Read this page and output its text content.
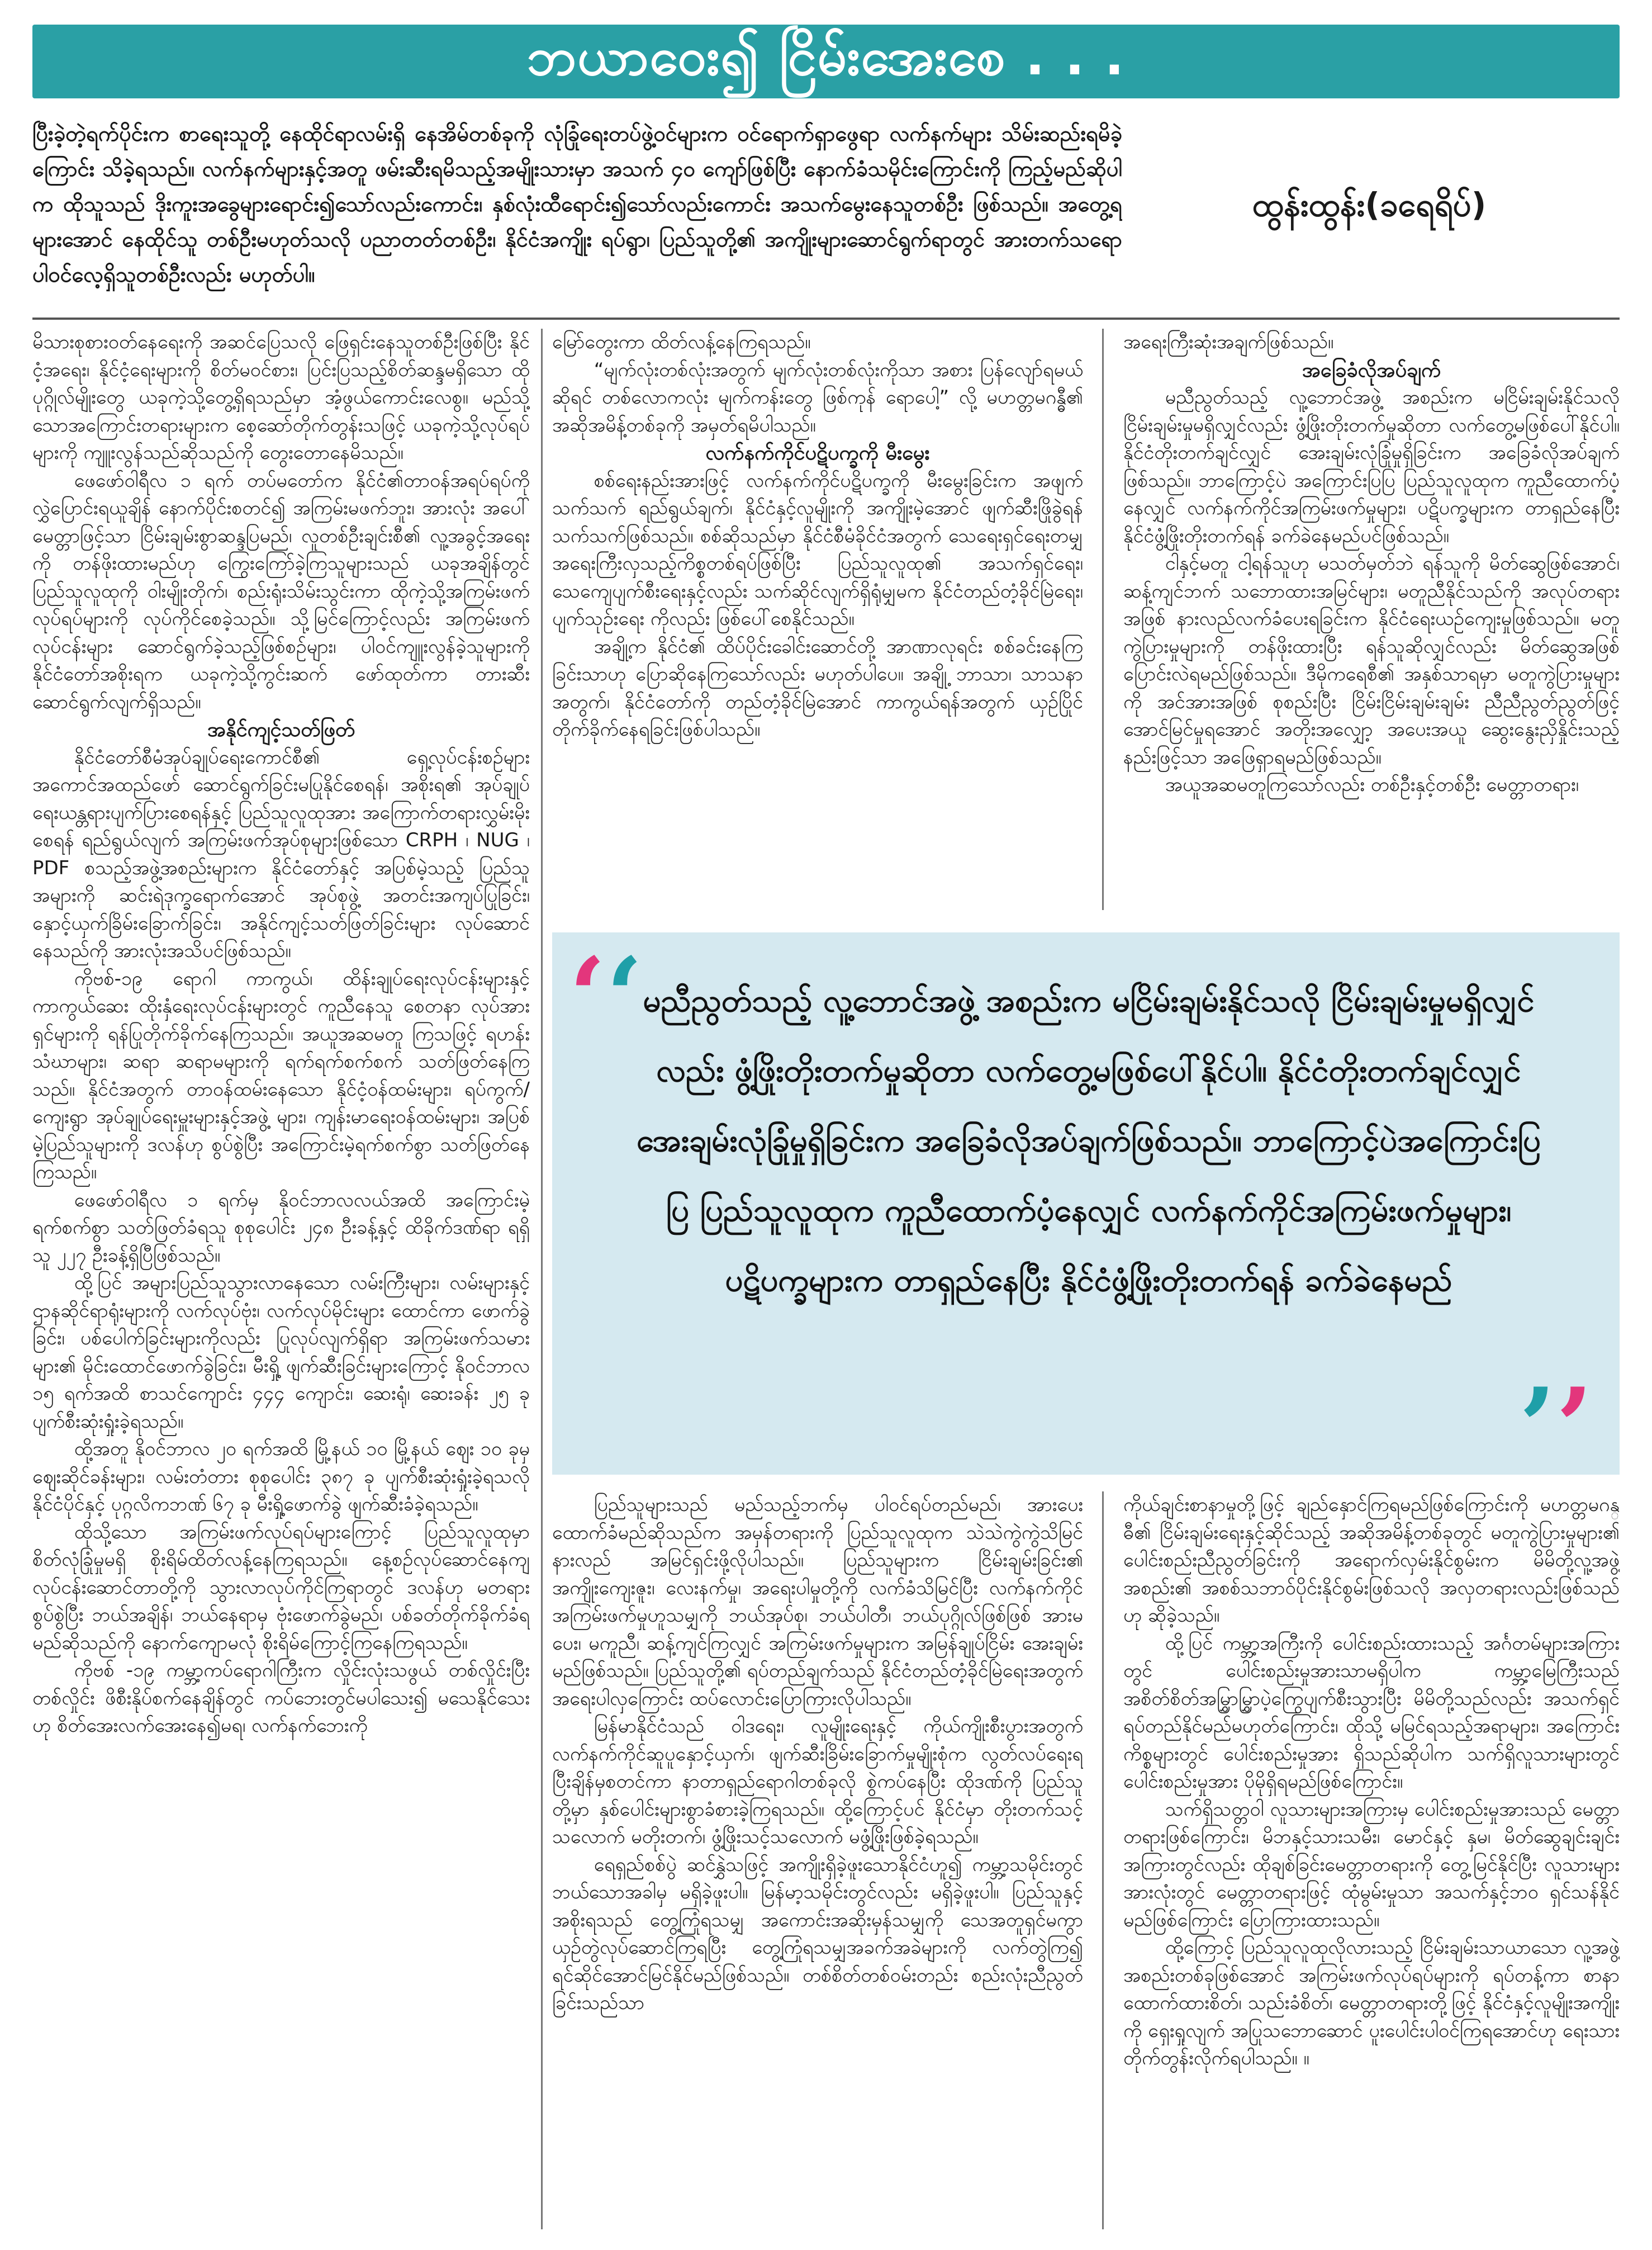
ဘယာဝေး၍ ငြိမ်းအေးစေ . . .
ပြီးခဲ့တဲ့ရက်ပိုင်းက စာရေးသူတို့ နေထိုင်ရာလမ်းရှိ နေအိမ်တစ်ခုကို လုံခြုံရေးတပ်ဖွဲ့ဝင်များက ဝင်ရောက်ရှာဖွေရာ လက်နက်များ သိမ်းဆည်းရမိခဲ့ကြောင်း သိခဲ့ရသည်။ လက်နက်များနှင့်အတူ ဖမ်းဆီးရမိသည့်အမျိုးသားမှာ အသက် ၄၀ ကျော်ဖြစ်ပြီး နောက်ခံသမိုင်းကြောင်းကို ကြည့်မည်ဆိုပါက ထိုသူသည် ဒိုးကူးအခွေများရောင်း၍သော်လည်းကောင်း၊ နှစ်လုံးထီရောင်း၍သော်လည်းကောင်း အသက်မွေးနေသူတစ်ဦး ဖြစ်သည်။ အတွေ့ရများအောင် နေထိုင်သူ တစ်ဦးမဟုတ်သလို ပညာတတ်တစ်ဦး၊ နိုင်ငံအကျိုး ရပ်ရွာ၊ ပြည်သူတို့၏ အကျိုးများဆောင်ရွက်ရာတွင် အားတက်သရော ပါဝင်လေ့ရှိသူတစ်ဦးလည်း မဟုတ်ပါ။
ထွန်းထွန်း(ခရေရိပ်)

မိသားစုစားဝတ်နေရေးကို အဆင်ပြေသလို ဖြေရှင်းနေသူတစ်ဦးဖြစ်ပြီး နိုင်ငံ့အရေး၊ နိုင်ငံ့ရေးများကို စိတ်မဝင်စား၊ ပြင်းပြသည့်စိတ်ဆန္ဒမရှိသော ထိုပုဂ္ဂိုလ်မျိုးတွေ ယခုကဲ့သို့တွေ့ရှိရသည်မှာ အံ့ဖွယ်ကောင်းလေစွ။ မည်သို့သောအကြောင်းတရားများက စေ့ဆော်တိုက်တွန်းသဖြင့် ယခုကဲ့သို့လုပ်ရပ်များကို ကျူးလွန်သည်ဆိုသည်ကို တွေးတောနေမိသည်။

ဖေဖော်ဝါရီလ ၁ ရက် တပ်မတော်က နိုင်ငံ၏တာဝန်အရပ်ရပ်ကို လွှဲပြောင်းရယူချိန် နောက်ပိုင်းစတင်၍ အကြမ်းမဖက်ဘူး၊ အားလုံး အပေါ်မေတ္တာဖြင့်သာ ငြိမ်းချမ်းစွာဆန္ဒပြမည်၊ လူတစ်ဦးချင်းစီ၏ လူ့အခွင့်အရေးကို တန်ဖိုးထားမည်ဟု ကြွေးကြော်ခဲ့ကြသူများသည် ယခုအချိန်တွင် ပြည်သူလူထုကို ဝါးမျိုးတိုက်၊ စည်းရုံးသိမ်းသွင်းကာ ထိုကဲ့သို့အကြမ်းဖက်လုပ်ရပ်များကို လုပ်ကိုင်စေခဲ့သည်။ သို့မြင်ကြောင့်လည်း အကြမ်းဖက်လုပ်ငန်းများ ဆောင်ရွက်ခဲ့သည့်ဖြစ်စဉ်များ၊ ပါဝင်ကျူးလွန်ခဲ့သူများကို နိုင်ငံတော်အစိုးရက ယခုကဲ့သို့ကွင်းဆက် ဖော်ထုတ်ကာ တားဆီးဆောင်ရွက်လျက်ရှိသည်။

အနိုင်ကျင့်သတ်ဖြတ်

နိုင်ငံတော်စီမံအုပ်ချုပ်ရေးကောင်စီ၏ ရှေ့လုပ်ငန်းစဉ်များ အကောင်အထည်ဖော် ဆောင်ရွက်ခြင်းမပြုနိုင်စေရန်၊ အစိုးရ၏ အုပ်ချုပ်ရေးယန္တရားပျက်ပြားစေရန်နှင့် ပြည်သူလူထုအား အကြောက်တရားလွှမ်းမိုးစေရန် ရည်ရွယ်လျက် အကြမ်းဖက်အုပ်စုများဖြစ်သော CRPH ၊ NUG ၊ PDF စသည့်အဖွဲ့အစည်းများက နိုင်ငံတော်နှင့် အပြစ်မဲ့သည့် ပြည်သူအများကို ဆင်းရဲဒုက္ခရောက်အောင် အုပ်စုဖွဲ့ အတင်းအကျပ်ပြုခြင်း၊ နှောင့်ယှက်ခြိမ်းခြောက်ခြင်း၊ အနိုင်ကျင့်သတ်ဖြတ်ခြင်းများ လုပ်ဆောင်နေသည်ကို အားလုံးအသိပင်ဖြစ်သည်။

ကိုဗစ်-၁၉ ရောဂါ ကာကွယ်၊ ထိန်းချုပ်ရေးလုပ်ငန်းများနှင့် ကာကွယ်ဆေး ထိုးနှံရေးလုပ်ငန်းများတွင် ကူညီနေသူ စေတနာ လုပ်အားရှင်များကို ရန်ပြုတိုက်ခိုက်နေကြသည်။ အယူအဆမတူ ကြသဖြင့် ရဟန်း သံဃာများ၊ ဆရာ ဆရာမများကို ရက်ရက်စက်စက် သတ်ဖြတ်နေကြသည်။ နိုင်ငံအတွက် တာဝန်ထမ်းနေသော နိုင်ငံ့ဝန်ထမ်းများ၊ ရပ်ကွက်/ကျေးရွာ အုပ်ချုပ်ရေးမှူးများနှင့်အဖွဲ့ များ၊ ကျန်းမာရေးဝန်ထမ်းများ၊ အပြစ်မဲ့ပြည်သူများကို ဒလန်ဟု စွပ်စွဲပြီး အကြောင်းမဲ့ရက်စက်စွာ သတ်ဖြတ်နေကြသည်။

ဖေဖော်ဝါရီလ ၁ ရက်မှ နိုဝင်ဘာလလယ်အထိ အကြောင်းမဲ့ ရက်စက်စွာ သတ်ဖြတ်ခံရသူ စုစုပေါင်း ၂၄၈ ဦးခန့်နှင့် ထိခိုက်ဒဏ်ရာ ရရှိသူ ၂၂၇ ဦးခန့်ရှိပြီဖြစ်သည်။

ထို့ပြင် အများပြည်သူသွားလာနေသော လမ်းကြီးများ၊ လမ်းများနှင့် ဌာနဆိုင်ရာရုံးများကို လက်လုပ်ဗုံး၊ လက်လုပ်မိုင်းများ ထောင်ကာ ဖောက်ခွဲခြင်း၊ ပစ်ပေါက်ခြင်းများကိုလည်း ပြုလုပ်လျက်ရှိရာ အကြမ်းဖက်သမားများ၏ မိုင်းထောင်ဖောက်ခွဲခြင်း၊ မီးရှို့ ဖျက်ဆီးခြင်းများကြောင့် နိုဝင်ဘာလ ၁၅ ရက်အထိ စာသင်ကျောင်း ၄၄၄ ကျောင်း၊ ဆေးရုံ၊ ဆေးခန်း ၂၅ ခု ပျက်စီးဆုံးရှုံးခဲ့ရသည်။

ထို့အတူ နိုဝင်ဘာလ ၂၀ ရက်အထိ မြို့နယ် ၁၀ မြို့နယ် ဈေး ၁၀ ခုမှ ဈေးဆိုင်ခန်းများ၊ လမ်းတံတား စုစုပေါင်း ၃၈၇ ခု ပျက်စီးဆုံးရှုံးခဲ့ရသလို နိုင်ငံပိုင်နှင့် ပုဂ္ဂလိကဘဏ် ၆၇ ခု မီးရှို့ဖောက်ခွဲ ဖျက်ဆီးခံခဲ့ရသည်။

ထိုသို့သော အကြမ်းဖက်လုပ်ရပ်များကြောင့် ပြည်သူလူထုမှာ စိတ်လုံခြုံမှုမရှိ စိုးရိမ်ထိတ်လန့်နေကြရသည်။ နေ့စဉ်လုပ်ဆောင်နေကျ လုပ်ငန်းဆောင်တာတို့ကို သွားလာလုပ်ကိုင်ကြရာတွင် ဒလန်ဟု မတရားစွပ်စွဲပြီး ဘယ်အချိန်၊ ဘယ်နေရာမှ ဗုံးဖောက်ခွဲမည်၊ ပစ်ခတ်တိုက်ခိုက်ခံရမည်ဆိုသည်ကို နောက်ကျောမလုံ စိုးရိမ်ကြောင့်ကြနေကြရသည်။

ကိုဗစ် -၁၉ ကမ္ဘာ့ကပ်ရောဂါကြီးက လှိုင်းလုံးသဖွယ် တစ်လှိုင်းပြီးတစ်လှိုင်း ဖိစီးနိုပ်စက်နေချိန်တွင် ကပ်ဘေးတွင်မပါသေး၍ မသေနိုင်သေးဟု စိတ်အေးလက်အေးနေ၍မရ၊ လက်နက်ဘေးကို

မြော်တွေးကာ ထိတ်လန့်နေကြရသည်။

“မျက်လုံးတစ်လုံးအတွက် မျက်လုံးတစ်လုံးကိုသာ အစား ပြန်လျော်ရမယ်ဆိုရင် တစ်လောကလုံး မျက်ကန်းတွေ ဖြစ်ကုန် ရောပေါ့” လို့ မဟတ္တမဂန္ဓီ၏ အဆိုအမိန့်တစ်ခုကို အမှတ်ရမိပါသည်။

လက်နက်ကိုင်ပဋိပက္ခကို မီးမွေး

စစ်ရေးနည်းအားဖြင့် လက်နက်ကိုင်ပဋိပက္ခကို မီးမွေးခြင်းက အဖျက်သက်သက် ရည်ရွယ်ချက်၊ နိုင်ငံနှင့်လူမျိုးကို အကျိုးမဲ့အောင် ဖျက်ဆီးဖြိုခွဲရန်သက်သက်ဖြစ်သည်။ စစ်ဆိုသည်မှာ နိုင်ငံစီမံခိုင်ငံအတွက် သေရေးရှင်ရေးတမျှ အရေးကြီးလှသည့်ကိစ္စတစ်ရပ်ဖြစ်ပြီး ပြည်သူလူထု၏ အသက်ရှင်ရေး၊ သေကျေပျက်စီးရေးနှင့်လည်း သက်ဆိုင်လျက်ရှိရုံမျှမက နိုင်ငံတည်တံ့ခိုင်မြဲရေး၊ ပျက်သုဉ်းရေး ကိုလည်း ဖြစ်ပေါ်စေနိုင်သည်။

အချို့က နိုင်ငံ၏ ထိပ်ပိုင်းခေါင်းဆောင်တို့ အာဏာလုရင်း စစ်ခင်းနေကြခြင်းသာဟု ပြောဆိုနေကြသော်လည်း မဟုတ်ပါပေ။ အချို့ ဘာသာ၊ သာသနာအတွက်၊ နိုင်ငံတော်ကို တည်တံ့ခိုင်မြဲအောင် ကာကွယ်ရန်အတွက် ယှဉ်ပြိုင်တိုက်ခိုက်နေရခြင်းဖြစ်ပါသည်။

အရေးကြီးဆုံးအချက်ဖြစ်သည်။

အခြေခံလိုအပ်ချက်

မညီညွတ်သည့် လူ့ဘောင်အဖွဲ့ အစည်းက မငြိမ်းချမ်းနိုင်သလို ငြိမ်းချမ်းမှုမရှိလျှင်လည်း ဖွံ့ဖြိုးတိုးတက်မှုဆိုတာ လက်တွေ့မဖြစ်ပေါ်နိုင်ပါ။ နိုင်ငံတိုးတက်ချင်လျှင် အေးချမ်းလုံခြုံမှုရှိခြင်းက အခြေခံလိုအပ်ချက်ဖြစ်သည်။ ဘာကြောင့်ပဲ အကြောင်းပြပြ ပြည်သူလူထုက ကူညီထောက်ပံ့နေလျှင် လက်နက်ကိုင်အကြမ်းဖက်မှုများ၊ ပဋိပက္ခများက တာရှည်နေပြီး နိုင်ငံဖွံ့ဖြိုးတိုးတက်ရန် ခက်ခဲနေမည်ပင်ဖြစ်သည်။

ငါနှင့်မတူ ငါ့ရန်သူဟု မသတ်မှတ်ဘဲ ရန်သူကို မိတ်ဆွေဖြစ်အောင်၊ ဆန့်ကျင်ဘက် သဘောထားအမြင်များ၊ မတူညီနိုင်သည်ကို အလုပ်တရားအဖြစ် နားလည်လက်ခံပေးရခြင်းက နိုင်ငံရေးယဉ်ကျေးမှုဖြစ်သည်။ မတူကွဲပြားမှုများကို တန်ဖိုးထားပြီး ရန်သူဆိုလျှင်လည်း မိတ်ဆွေအဖြစ် ပြောင်းလဲရမည်ဖြစ်သည်။ ဒီမိုကရေစီ၏ အနှစ်သာရမှာ မတူကွဲပြားမှုများကို အင်အားအဖြစ် စုစည်းပြီး ငြိမ်းငြိမ်းချမ်းချမ်း ညီညီညွတ်ညွတ်ဖြင့် အောင်မြင်မှုရအောင် အတိုးအလျှော့ အပေးအယူ ဆွေးနွေးညှိနှိုင်းသည့် နည်းဖြင့်သာ အဖြေရှာရမည်ဖြစ်သည်။

အယူအဆမတူကြသော်လည်း တစ်ဦးနှင့်တစ်ဦး မေတ္တာတရား၊

‘‘ မညီညွတ်သည့် လူ့ဘောင်အဖွဲ့ အစည်းက မငြိမ်းချမ်းနိုင်သလို ငြိမ်းချမ်းမှုမရှိလျှင်လည်း ဖွံ့ဖြိုးတိုးတက်မှုဆိုတာ လက်တွေ့မဖြစ်ပေါ်နိုင်ပါ။ နိုင်ငံတိုးတက်ချင်လျှင် အေးချမ်းလုံခြုံမှုရှိခြင်းက အခြေခံလိုအပ်ချက်ဖြစ်သည်။ ဘာကြောင့်ပဲအကြောင်းပြပြ ပြည်သူလူထုက ကူညီထောက်ပံ့နေလျှင် လက်နက်ကိုင်အကြမ်းဖက်မှုများ၊ ပဋိပက္ခများက တာရှည်နေပြီး နိုင်ငံဖွံ့ဖြိုးတိုးတက်ရန် ခက်ခဲနေမည်
’’

ပြည်သူများသည် မည်သည့်ဘက်မှ ပါဝင်ရပ်တည်မည်၊ အားပေး ထောက်ခံမည်ဆိုသည်က အမှန်တရားကို ပြည်သူလူထုက သဲသဲကွဲကွဲသိမြင်နားလည် အမြင်ရှင်းဖို့လိုပါသည်။ ပြည်သူများက ငြိမ်းချမ်းခြင်း၏ အကျိုးကျေးဇူး၊ လေးနက်မှု၊ အရေးပါမှုတို့ကို လက်ခံသိမြင်ပြီး လက်နက်ကိုင် အကြမ်းဖက်မှုဟူသမျှကို ဘယ်အုပ်စု၊ ဘယ်ပါတီ၊ ဘယ်ပုဂ္ဂိုလ်ဖြစ်ဖြစ် အားမပေး၊ မကူညီ၊ ဆန့်ကျင်ကြလျှင် အကြမ်းဖက်မှုများက အမြန်ချုပ်ငြိမ်း အေးချမ်းမည်ဖြစ်သည်။ ပြည်သူတို့၏ ရပ်တည်ချက်သည် နိုင်ငံတည်တံ့ခိုင်မြဲရေးအတွက် အရေးပါလှကြောင်း ထပ်လောင်းပြောကြားလိုပါသည်။

မြန်မာနိုင်ငံသည် ဝါဒရေး၊ လူမျိုးရေးနှင့် ကိုယ်ကျိုးစီးပွားအတွက် လက်နက်ကိုင်ဆူပူနှောင့်ယှက်၊ ဖျက်ဆီးခြိမ်းခြောက်မှုမျိုးစုံက လွတ်လပ်ရေးရပြီးချိန်မှစတင်ကာ နာတာရှည်ရောဂါတစ်ခုလို စွဲကပ်နေပြီး ထိုဒဏ်ကို ပြည်သူတို့မှာ နှစ်ပေါင်းများစွာခံစားခဲ့ကြရသည်။ ထို့ကြောင့်ပင် နိုင်ငံမှာ တိုးတက်သင့်သလောက် မတိုးတက်၊ ဖွံ့ဖြိုးသင့်သလောက် မဖွံ့ဖြိုးဖြစ်ခဲ့ရသည်။

ရေရှည်စစ်ပွဲ ဆင်နွှဲသဖြင့် အကျိုးရှိခဲ့ဖူးသောနိုင်ငံဟူ၍ ကမ္ဘာ့သမိုင်းတွင် ဘယ်သောအခါမှ မရှိခဲ့ဖူးပါ။ မြန်မာ့သမိုင်းတွင်လည်း မရှိခဲ့ဖူးပါ။ ပြည်သူနှင့်အစိုးရသည် တွေ့ကြုံရသမျှ အကောင်းအဆိုးမှန်သမျှကို သေအတူရှင်မကွာ ယှဉ်တွဲလုပ်ဆောင်ကြရပြီး တွေ့ကြုံရသမျှအခက်အခဲများကို လက်တွဲကြ၍ ရင်ဆိုင်အောင်မြင်နိုင်မည်ဖြစ်သည်။ တစ်စိတ်တစ်ဝမ်းတည်း စည်းလုံးညီညွတ်ခြင်းသည်သာ

ကိုယ်ချင်းစာနာမှုတို့ဖြင့် ချည်နှောင်ကြရမည်ဖြစ်ကြောင်းကို မဟတ္တမဂန္ဓီ၏ ငြိမ်းချမ်းရေးနှင့်ဆိုင်သည့် အဆိုအမိန့်တစ်ခုတွင် မတူကွဲပြားမှုများ၏ ပေါင်းစည်းညီညွတ်ခြင်းကို အရောက်လှမ်းနိုင်စွမ်းက မိမိတို့လူ့အဖွဲ့ အစည်း၏ အစစ်သဘာဝ်ပိုင်းနိုင်စွမ်းဖြစ်သလို အလှတရားလည်းဖြစ်သည်ဟု ဆိုခဲ့သည်။

ထို့ပြင် ကမ္ဘာ့အကြီးကို ပေါင်းစည်းထားသည့် အင်္ဂတမ်များအကြားတွင် ပေါင်းစည်းမှုအားသာမရှိပါက ကမ္ဘာ့မြေကြီးသည် အစိတ်စိတ်အမြွှာမြွှာပဲ့ကြွေပျက်စီးသွားပြီး မိမိတို့သည်လည်း အသက်ရှင်ရပ်တည်နိုင်မည်မဟုတ်ကြောင်း၊ ထိုသို့ မမြင်ရသည့်အရာများ၊ အကြောင်းကိစ္စများတွင် ပေါင်းစည်းမှုအား ရှိသည်ဆိုပါက သက်ရှိလူသားများတွင် ပေါင်းစည်းမှုအား ပိုမိုရှိရမည်ဖြစ်ကြောင်း။

သက်ရှိသတ္တဝါ လူသားများအကြားမှ ပေါင်းစည်းမှုအားသည် မေတ္တာတရားဖြစ်ကြောင်း၊ မိဘနှင့်သားသမီး၊ မောင်နှင့် နှမ၊ မိတ်ဆွေချင်းချင်းအကြားတွင်လည်း ထိုချစ်ခြင်းမေတ္တာတရားကို တွေ့မြင်နိုင်ပြီး လူသားများအားလုံးတွင် မေတ္တာတရားဖြင့် ထုံမွမ်းမှုသာ အသက်နှင့်ဘဝ ရှင်သန်နိုင်မည်ဖြစ်ကြောင်း ပြောကြားထားသည်။

ထို့ကြောင့် ပြည်သူလူထုလိုလားသည့် ငြိမ်းချမ်းသာယာသော လူ့အဖွဲ့ အစည်းတစ်ခုဖြစ်အောင် အကြမ်းဖက်လုပ်ရပ်များကို ရပ်တန့်ကာ စာနာထောက်ထားစိတ်၊ သည်းခံစိတ်၊ မေတ္တာတရားတို့ဖြင့် နိုင်ငံနှင့်လူမျိုးအကျိုးကို ရှေးရှုလျက် အပြုသဘောဆောင် ပူးပေါင်းပါဝင်ကြရအောင်ဟု ရေးသားတိုက်တွန်းလိုက်ရပါသည်။ ။
